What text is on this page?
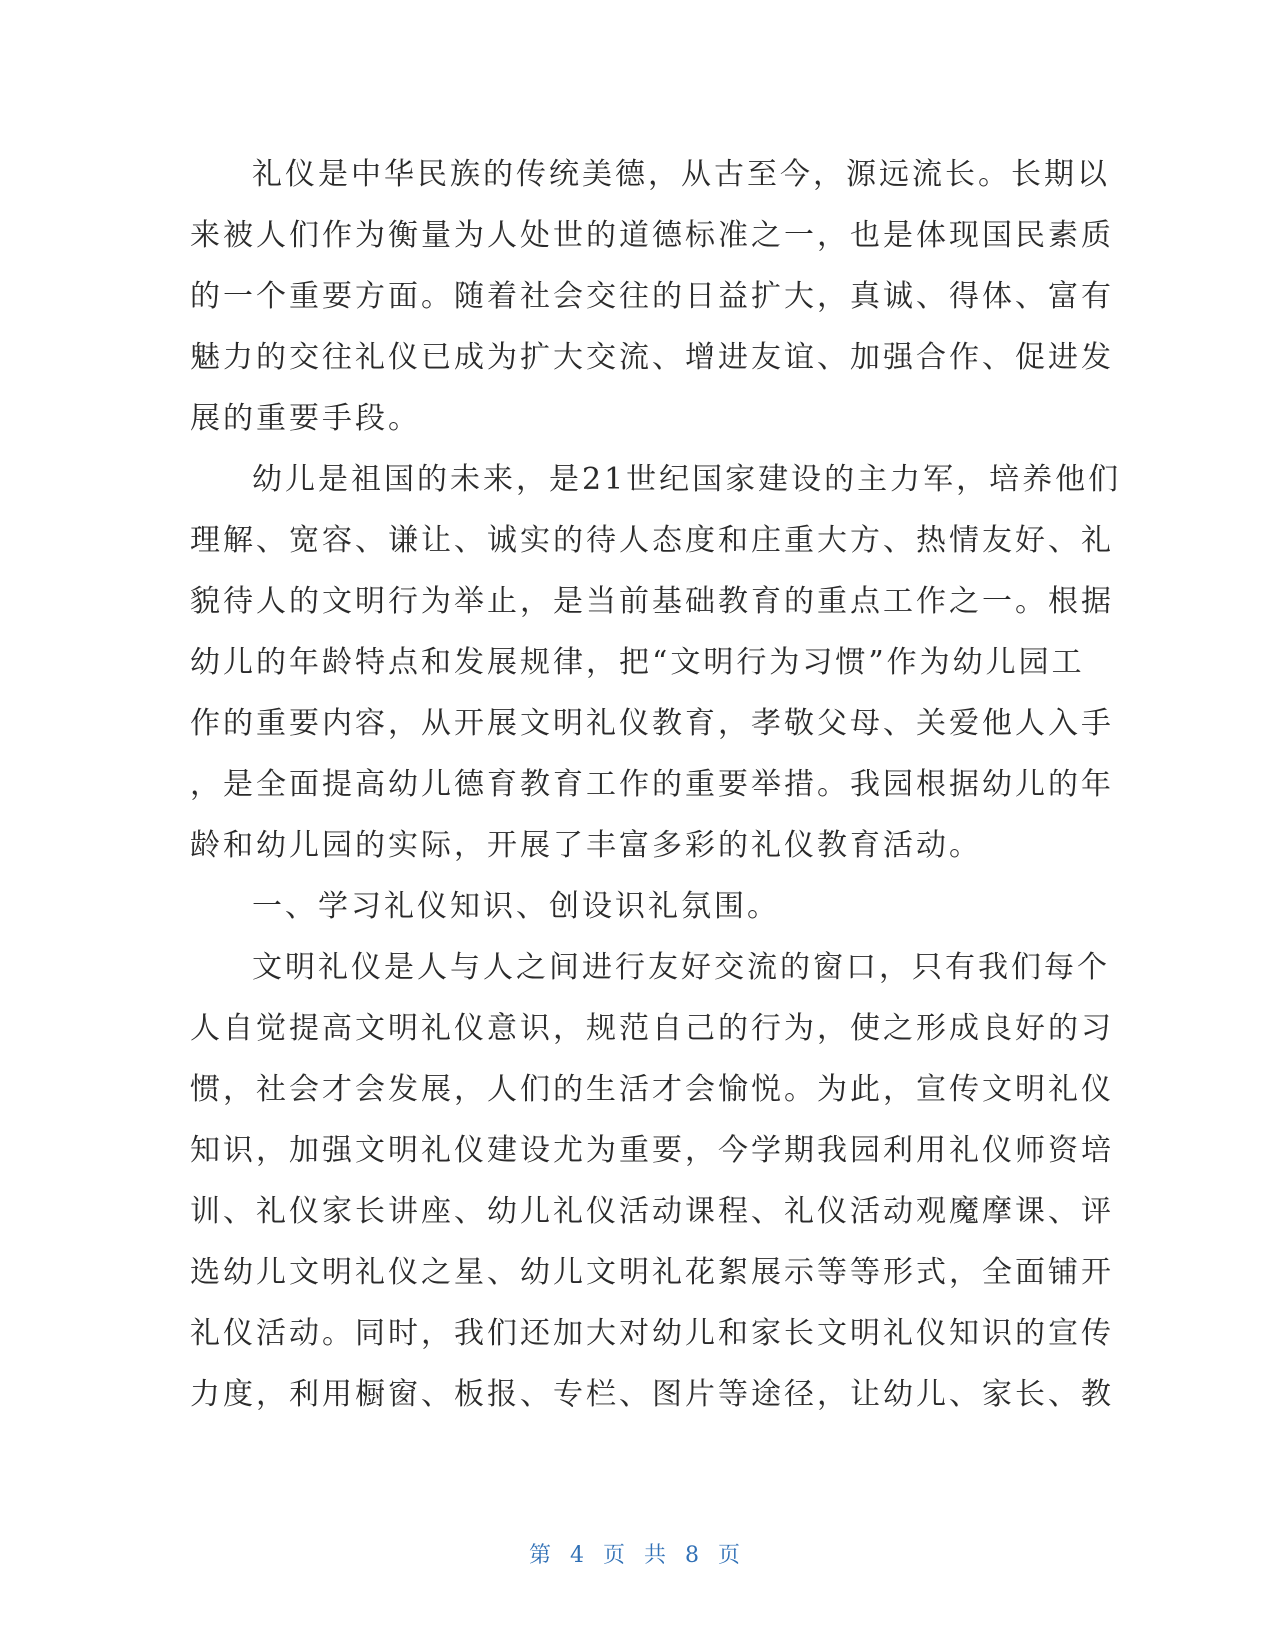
礼仪是中华民族的传统美德，从古至今，源远流长。长期以
来被人们作为衡量为人处世的道德标准之一，也是体现国民素质
的一个重要方面。随着社会交往的日益扩大，真诚、得体、富有
魅力的交往礼仪已成为扩大交流、增进友谊、加强合作、促进发
展的重要手段。
幼儿是祖国的未来，是21世纪国家建设的主力军，培养他们
理解、宽容、谦让、诚实的待人态度和庄重大方、热情友好、礼
貌待人的文明行为举止，是当前基础教育的重点工作之一。根据
幼儿的年龄特点和发展规律，把“文明行为习惯”作为幼儿园工
作的重要内容，从开展文明礼仪教育，孝敬父母、关爱他人入手
，是全面提高幼儿德育教育工作的重要举措。我园根据幼儿的年
龄和幼儿园的实际，开展了丰富多彩的礼仪教育活动。
一、学习礼仪知识、创设识礼氛围。
文明礼仪是人与人之间进行友好交流的窗口，只有我们每个
人自觉提高文明礼仪意识，规范自己的行为，使之形成良好的习
惯，社会才会发展，人们的生活才会愉悦。为此，宣传文明礼仪
知识，加强文明礼仪建设尤为重要，今学期我园利用礼仪师资培
训、礼仪家长讲座、幼儿礼仪活动课程、礼仪活动观魔摩课、评
选幼儿文明礼仪之星、幼儿文明礼花絮展示等等形式，全面铺开
礼仪活动。同时，我们还加大对幼儿和家长文明礼仪知识的宣传
力度，利用橱窗、板报、专栏、图片等途径，让幼儿、家长、教
第 4 页 共 8 页
